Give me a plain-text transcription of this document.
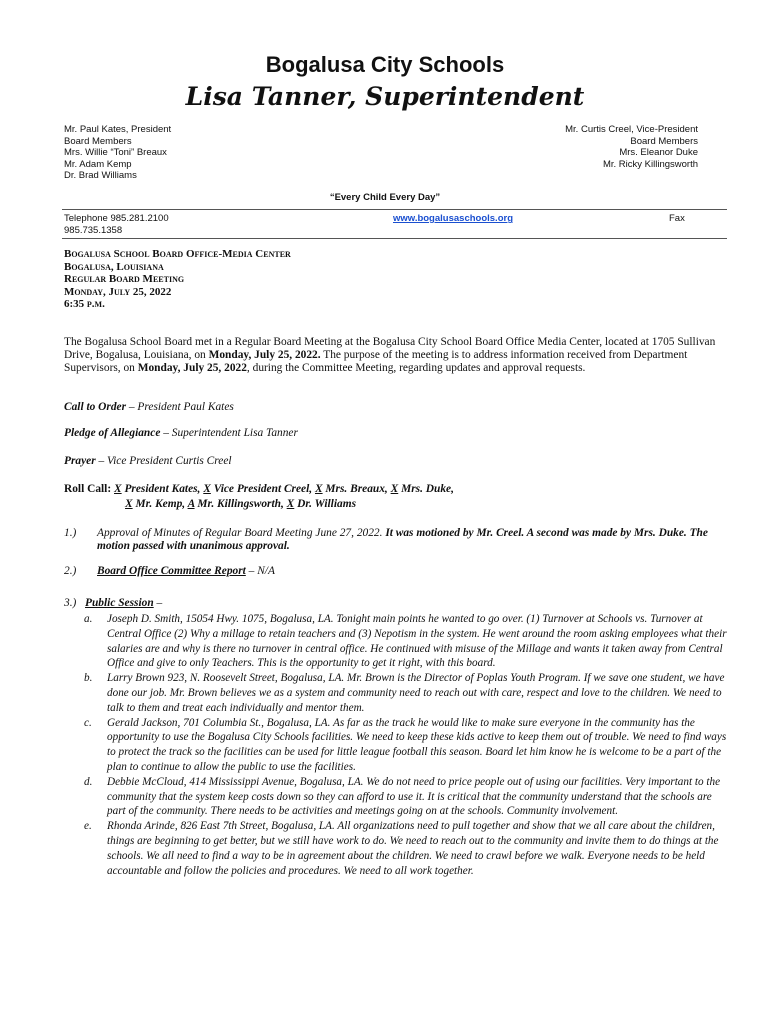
Bogalusa City Schools
Lisa Tanner, Superintendent
Mr. Paul Kates, President
Board Members
Mrs. Willie “Toni” Breaux
Mr. Adam Kemp
Dr. Brad Williams
Mr. Curtis Creel, Vice-President
Board Members
Mrs. Eleanor Duke
Mr. Ricky Killingsworth
“Every Child Every Day”
Telephone 985.281.2100
985.735.1358
www.bogalusaschools.org	Fax
Bogalusa School Board Office-Media Center
Bogalusa, Louisiana
Regular Board Meeting
Monday, July 25, 2022
6:35 p.m.
The Bogalusa School Board met in a Regular Board Meeting at the Bogalusa City School Board Office Media Center, located at 1705 Sullivan Drive, Bogalusa, Louisiana, on Monday, July 25, 2022. The purpose of the meeting is to address information received from Department Supervisors, on Monday, July 25, 2022, during the Committee Meeting, regarding updates and approval requests.
Call to Order – President Paul Kates
Pledge of Allegiance – Superintendent Lisa Tanner
Prayer – Vice President Curtis Creel
Roll Call: X President Kates, X Vice President Creel, X Mrs. Breaux, X Mrs. Duke,
X Mr. Kemp, A Mr. Killingsworth, X Dr. Williams
1.) Approval of Minutes of Regular Board Meeting June 27, 2022. It was motioned by Mr. Creel. A second was made by Mrs. Duke. The motion passed with unanimous approval.
2.) Board Office Committee Report – N/A
3.) Public Session –
a. Joseph D. Smith, 15054 Hwy. 1075, Bogalusa, LA. Tonight main points he wanted to go over. (1) Turnover at Schools vs. Turnover at Central Office (2) Why a millage to retain teachers and (3) Nepotism in the system. He went around the room asking employees what their salaries are and why is there no turnover in central office. He continued with misuse of the Millage and wants it taken away from Central Office and give to only Teachers. This is the opportunity to get it right, with this board.
b. Larry Brown 923, N. Roosevelt Street, Bogalusa, LA. Mr. Brown is the Director of Poplas Youth Program. If we save one student, we have done our job. Mr. Brown believes we as a system and community need to reach out with care, respect and love to the children. We need to talk to them and treat each individually and mentor them.
c. Gerald Jackson, 701 Columbia St., Bogalusa, LA. As far as the track he would like to make sure everyone in the community has the opportunity to use the Bogalusa City Schools facilities. We need to keep these kids active to keep them out of trouble. We need to find ways to protect the track so the facilities can be used for little league football this season. Board let him know he is welcome to be a part of the plan to continue to allow the public to use the facilities.
d. Debbie McCloud, 414 Mississippi Avenue, Bogalusa, LA. We do not need to price people out of using our facilities. Very important to the community that the system keep costs down so they can afford to use it. It is critical that the community understand that the schools are part of the community. There needs to be activities and meetings going on at the schools. Community involvement.
e. Rhonda Arinde, 826 East 7th Street, Bogalusa, LA. All organizations need to pull together and show that we all care about the children, things are beginning to get better, but we still have work to do. We need to reach out to the community and invite them to do things at the schools. We all need to find a way to be in agreement about the children. We need to crawl before we walk. Everyone needs to be held accountable and follow the policies and procedures. We need to all work together.
